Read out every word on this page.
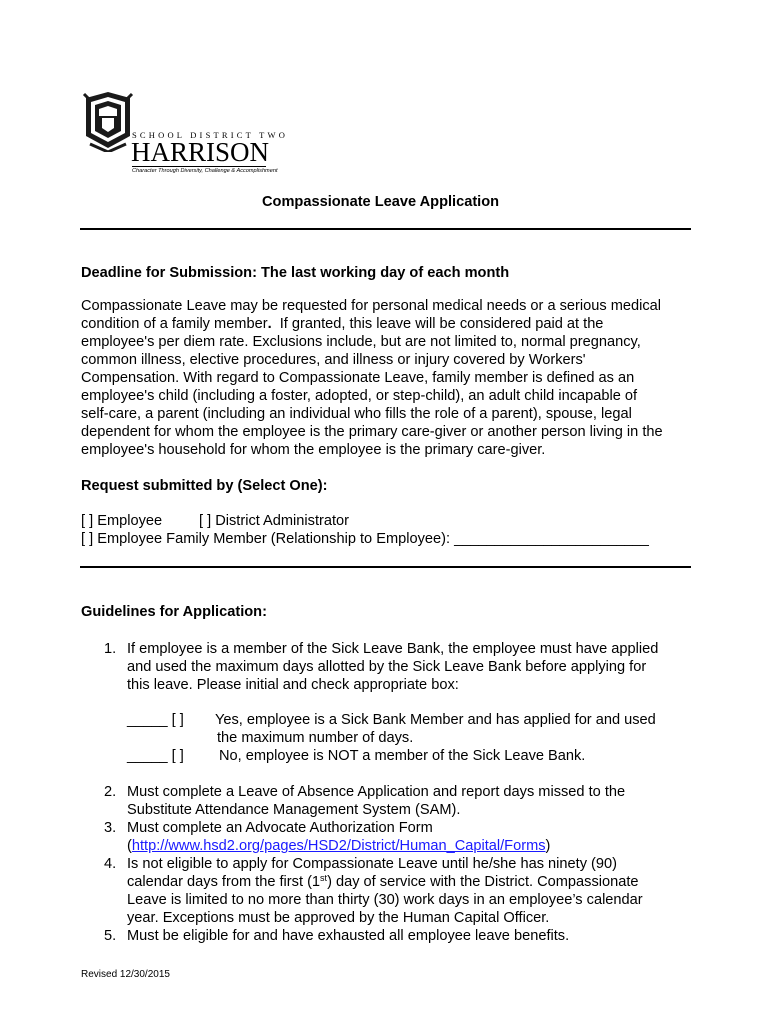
SCHOOL DISTRICT TWO
HARRISON
Character Through Diversity, Challenge & Accomplishment
Compassionate Leave Application
Deadline for Submission: The last working day of each month
Compassionate Leave may be requested for personal medical needs or a serious medical
condition of a family member.  If granted, this leave will be considered paid at the
employee's per diem rate. Exclusions include, but are not limited to, normal pregnancy,
common illness, elective procedures, and illness or injury covered by Workers'
Compensation. With regard to Compassionate Leave, family member is defined as an
employee's child (including a foster, adopted, or step-child), an adult child incapable of
self-care, a parent (including an individual who fills the role of a parent), spouse, legal
dependent for whom the employee is the primary care-giver or another person living in the
employee's household for whom the employee is the primary care-giver.
Request submitted by (Select One):
[ ] Employee	[ ] District Administrator
[ ] Employee Family Member (Relationship to Employee): ________________________
Guidelines for Application:
1. If employee is a member of the Sick Leave Bank, the employee must have applied
and used the maximum days allotted by the Sick Leave Bank before applying for
this leave. Please initial and check appropriate box:
_____ [ ] Yes, employee is a Sick Bank Member and has applied for and used
the maximum number of days.
_____ [ ] No, employee is NOT a member of the Sick Leave Bank.
2. Must complete a Leave of Absence Application and report days missed to the
Substitute Attendance Management System (SAM).
3. Must complete an Advocate Authorization Form
(http://www.hsd2.org/pages/HSD2/District/Human_Capital/Forms)
4. Is not eligible to apply for Compassionate Leave until he/she has ninety (90)
calendar days from the first (1st) day of service with the District. Compassionate
Leave is limited to no more than thirty (30) work days in an employee’s calendar
year. Exceptions must be approved by the Human Capital Officer.
5. Must be eligible for and have exhausted all employee leave benefits.
Revised 12/30/2015
